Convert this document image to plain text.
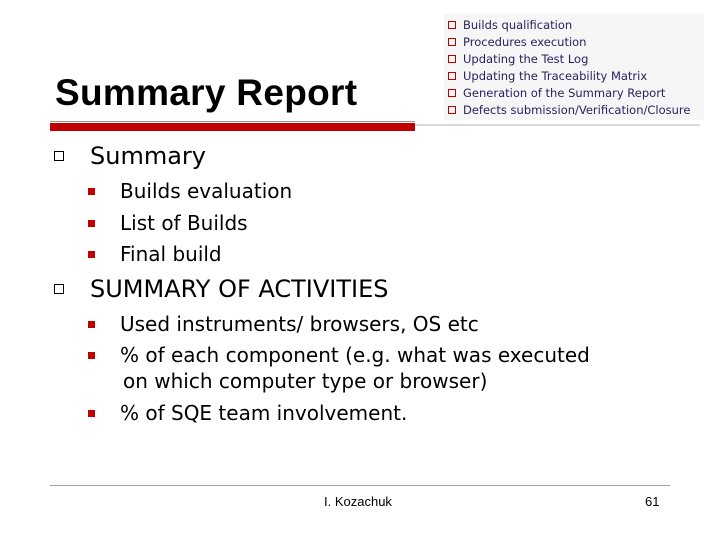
Summary Report
Builds qualification
Procedures execution
Updating the Test Log
Updating the Traceability Matrix
Generation of the Summary Report
Defects submission/Verification/Closure
Summary
Builds evaluation
List of Builds
Final build
SUMMARY OF ACTIVITIES
Used instruments/ browsers, OS etc
% of each component (e.g. what was executed
on which computer type or browser)
% of SQE team involvement.
I. Kozachuk	61
